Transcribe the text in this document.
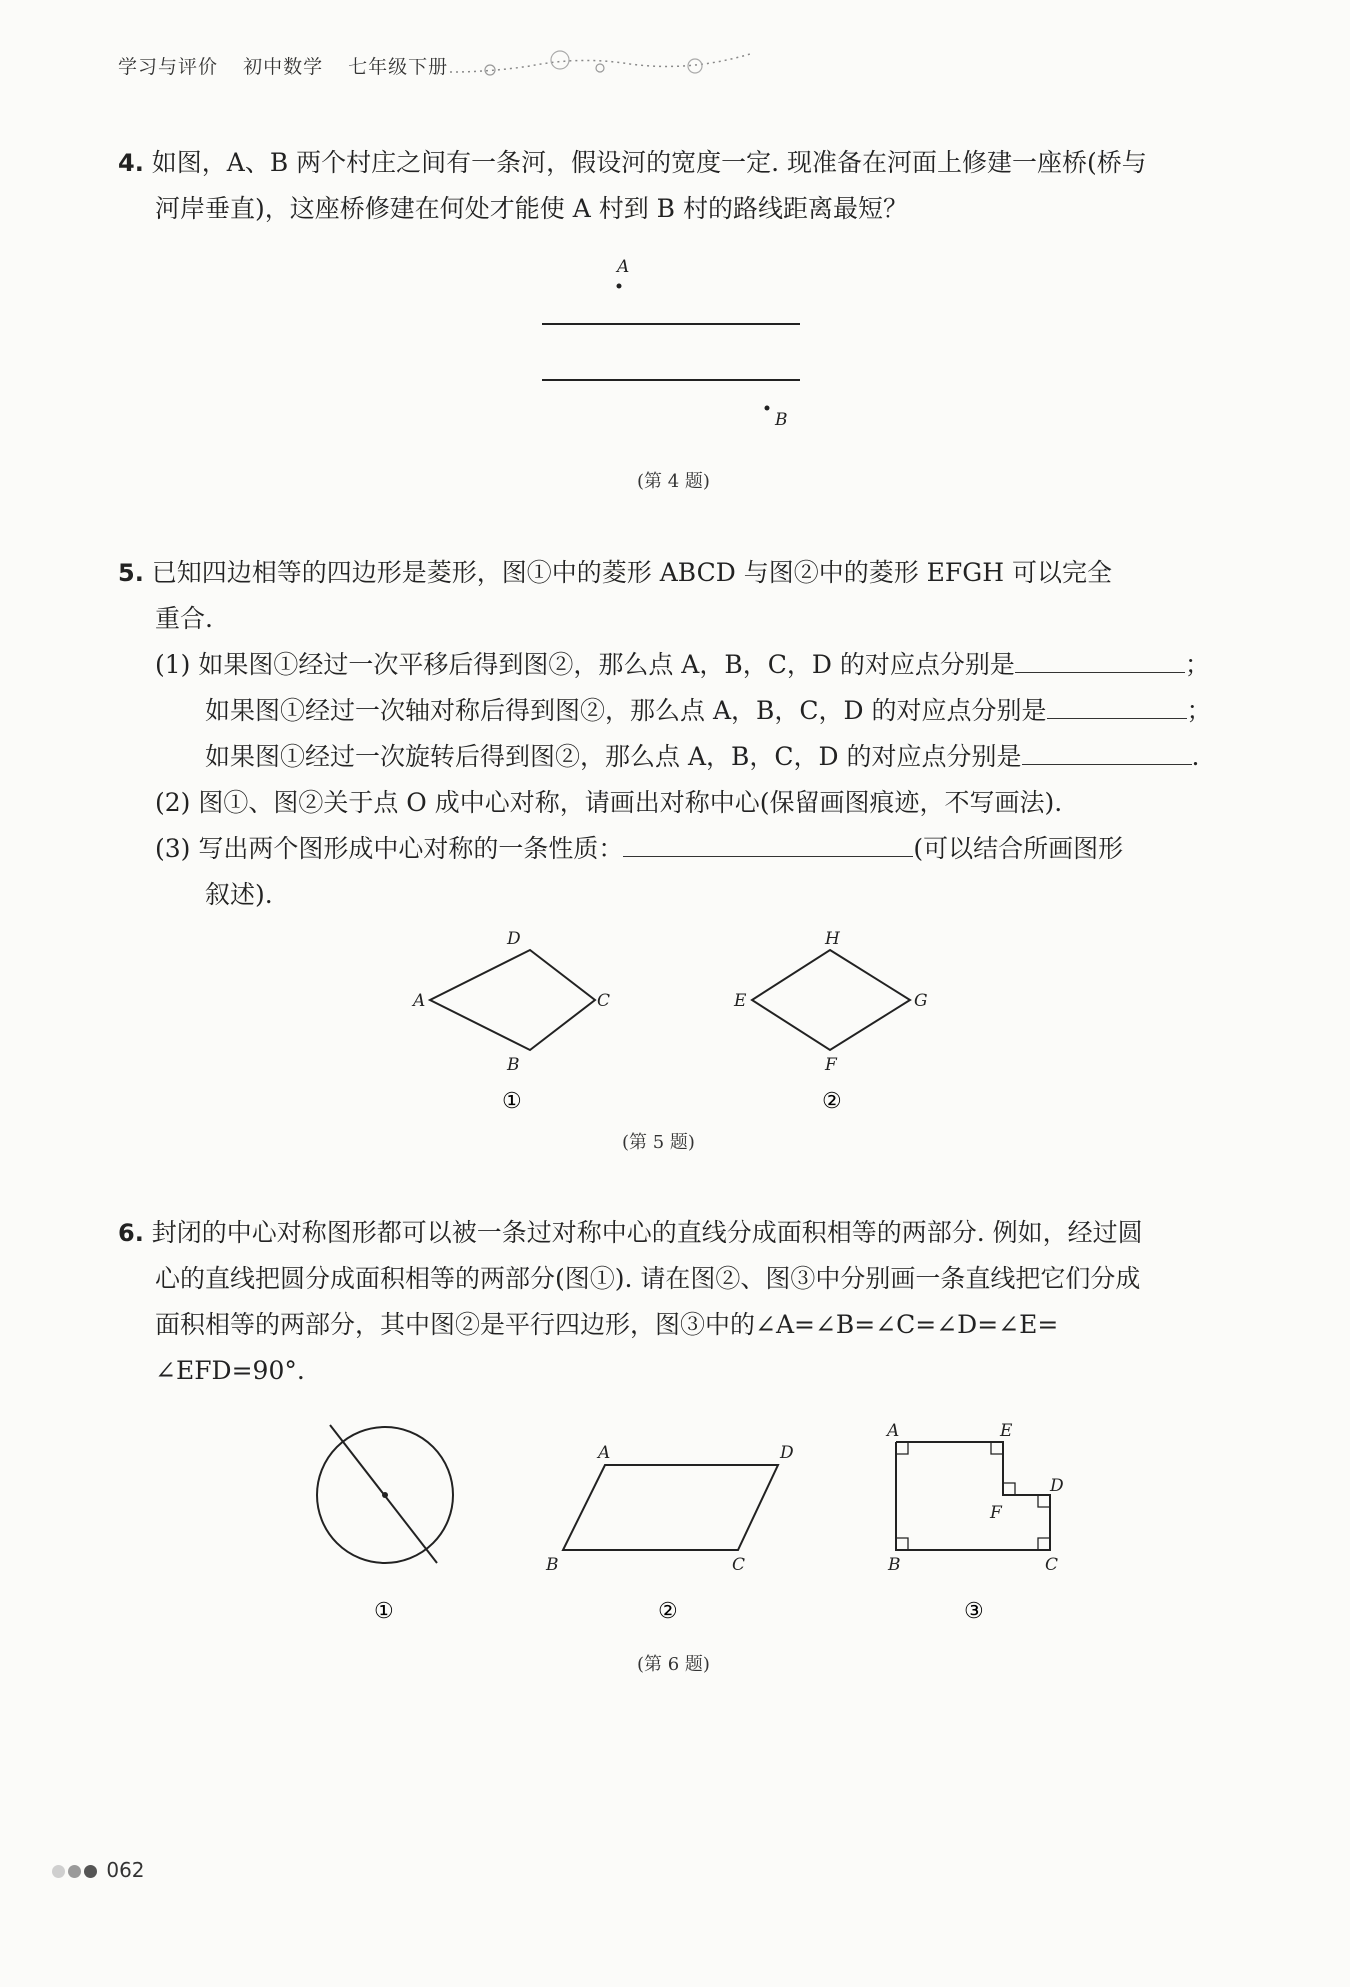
学习与评价 初中数学 七年级下册
4. 如图，A、B 两个村庄之间有一条河，假设河的宽度一定. 现准备在河面上修建一座桥(桥与
河岸垂直)，这座桥修建在何处才能使 A 村到 B 村的路线距离最短？
A
B
(第 4 题)
5. 已知四边相等的四边形是菱形，图①中的菱形 ABCD 与图②中的菱形 EFGH 可以完全
重合.
(1) 如果图①经过一次平移后得到图②，那么点 A，B，C，D 的对应点分别是	；
如果图①经过一次轴对称后得到图②，那么点 A，B，C，D 的对应点分别是	；
如果图①经过一次旋转后得到图②，那么点 A，B，C，D 的对应点分别是	.
(2) 图①、图②关于点 O 成中心对称，请画出对称中心(保留画图痕迹，不写画法).
(3) 写出两个图形成中心对称的一条性质：	(可以结合所画图形
叙述).
D
A	C
B
①
H
E	G
F
②
(第 5 题)
6. 封闭的中心对称图形都可以被一条过对称中心的直线分成面积相等的两部分. 例如，经过圆
心的直线把圆分成面积相等的两部分(图①). 请在图②、图③中分别画一条直线把它们分成
面积相等的两部分，其中图②是平行四边形，图③中的∠A=∠B=∠C=∠D=∠E=
∠EFD=90°.
①
A	D
B	C
②
A	E
D
F
B	C
③
(第 6 题)
062
